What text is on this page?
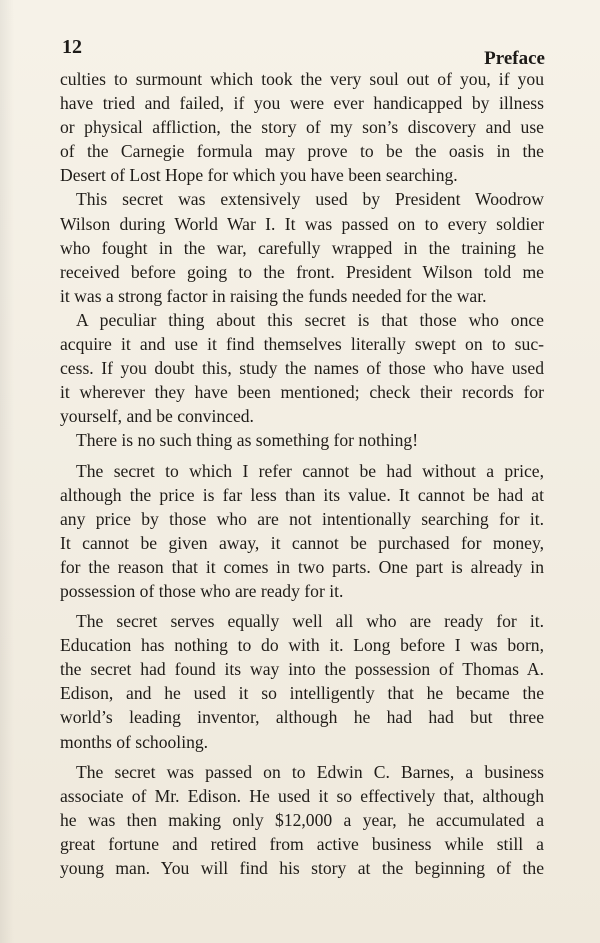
12
Preface
culties to surmount which took the very soul out of you, if you
have tried and failed, if you were ever handicapped by illness
or physical affliction, the story of my son’s discovery and use
of the Carnegie formula may prove to be the oasis in the
Desert of Lost Hope for which you have been searching.
This secret was extensively used by President Woodrow
Wilson during World War I. It was passed on to every soldier
who fought in the war, carefully wrapped in the training he
received before going to the front. President Wilson told me
it was a strong factor in raising the funds needed for the war.
A peculiar thing about this secret is that those who once
acquire it and use it find themselves literally swept on to suc-
cess. If you doubt this, study the names of those who have used
it wherever they have been mentioned; check their records for
yourself, and be convinced.
There is no such thing as something for nothing!
The secret to which I refer cannot be had without a price,
although the price is far less than its value. It cannot be had at
any price by those who are not intentionally searching for it.
It cannot be given away, it cannot be purchased for money,
for the reason that it comes in two parts. One part is already in
possession of those who are ready for it.
The secret serves equally well all who are ready for it.
Education has nothing to do with it. Long before I was born,
the secret had found its way into the possession of Thomas A.
Edison, and he used it so intelligently that he became the
world’s leading inventor, although he had had but three
months of schooling.
The secret was passed on to Edwin C. Barnes, a business
associate of Mr. Edison. He used it so effectively that, although
he was then making only $12,000 a year, he accumulated a
great fortune and retired from active business while still a
young man. You will find his story at the beginning of the
